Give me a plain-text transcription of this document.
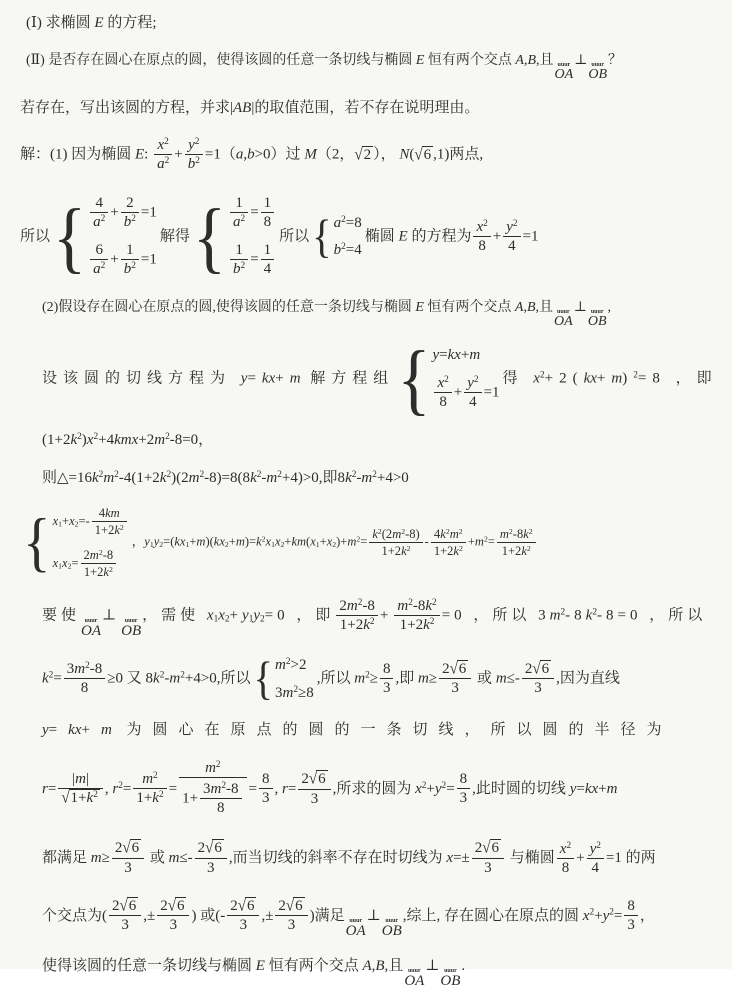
(Ⅰ) 求椭圆 E 的方程;
(Ⅱ) 是否存在圆心在原点的圆，使得该圆的任意一条切线与椭圆 E 恒有两个交点 A,B,且 uuur
OA
⊥ uuur
OB
？
若存在，写出该圆的方程，并求|AB|的取值范围，若不存在说明理由。
解：(1) 因为椭圆 E: $\frac{x^2}{a^2} + \frac{y^2}{b^2} =1(a,b>0)$过 M（2，√2 ）， N(√6 ,1)两点,
所以 { $\frac{4}{a^2} + \frac{2}{b^2} =1$
$\frac{6}{a^2} + \frac{1}{b^2} =1$
解得 { $\frac{1}{a^2} = \frac{1}{8}$
$\frac{1}{b^2} = \frac{1}{4}$
所以 { $a^2=8$
$b^2=4$
椭圆 E 的方程为 $\frac{x^2}{8} + \frac{y^2}{4} =1$
(2)假设存在圆心在原点的圆,使得该圆的任意一条切线与椭圆 E 恒有两个交点 A,B,且 uuur
OA
⊥ uuur
OB
,
设该圆的切线方程为 y=kx+m 解方程组 { y=kx+m
$\frac{x^2}{8} + \frac{y^2}{4} =1$
得 $x^2+2(kx+m)^2=8$ ，即
$(1+2k^2)x^2+4kmx+2m^2-8=0$，
则$\triangle=16k^2m^2-4(1+2k^2)(2m^2-8)=8(8k^2-m^2+4)>0$,即$8k^2-m^2+4>0$
{ $x_1+x_2=- \frac{4km}{1+2k^2}$
$x_1x_2= \frac{2m^2-8}{1+2k^2}$
，$y_1y_2=(kx_1+m)(kx_2+m)=k^2x_1x_2+km(x_1+x_2)+m^2= \frac{k^2(2m^2-8)}{1+2k^2} - \frac{4k^2m^2}{1+2k^2} +m^2= \frac{m^2-8k^2}{1+2k^2}$
要使 uuur
OA
⊥ uuur
OB
，需使 $x_1x_2+y_1y_2=0$ ，即 $\frac{2m^2-8}{1+2k^2} + \frac{m^2-8k^2}{1+2k^2} =0$ ，所以 $3m^2-8k^2-8=0$ ，所以
$k^2= \frac{3m^2-8}{8} \ge 0$ 又 $8k^2-m^2+4>0$,所以 { $m^2>2$
$3m^2\ge 8$
,所以 $m^2\ge \frac{8}{3}$ ,即 $m\ge \frac{2√6}{3}$ 或 $m\le- \frac{2√6}{3}$ ,因为直线
y=kx+m 为圆心在原点的圆的一条切线，所以圆的半径为
$r= \frac{|m|}{√1+k^2}$ , $r^2= \frac{m^2}{1+k^2} = \frac{m^2}{1+ \frac{3m^2-8}{8}} = \frac{8}{3}$ , $r= \frac{2√6}{3}$ ,所求的圆为 $x^2+y^2= \frac{8}{3}$ ,此时圆的切线 y=kx+m
都满足 $m\ge \frac{2√6}{3}$ 或 $m\le- \frac{2√6}{3}$ ,而当切线的斜率不存在时切线为 $x=\pm \frac{2√6}{3}$ 与椭圆 $\frac{x^2}{8} + \frac{y^2}{4} =1$ 的两
个交点为( $\frac{2√6}{3}$ ,± $\frac{2√6}{3}$ ) 或(- $\frac{2√6}{3}$ ,± $\frac{2√6}{3}$ )满足 uuur
OA
⊥ uuur
OB
,综上, 存在圆心在原点的圆 $x^2+y^2= \frac{8}{3}$ ，
使得该圆的任意一条切线与椭圆 E 恒有两个交点 A,B,且 uuur
OA
⊥ uuur
OB
.
